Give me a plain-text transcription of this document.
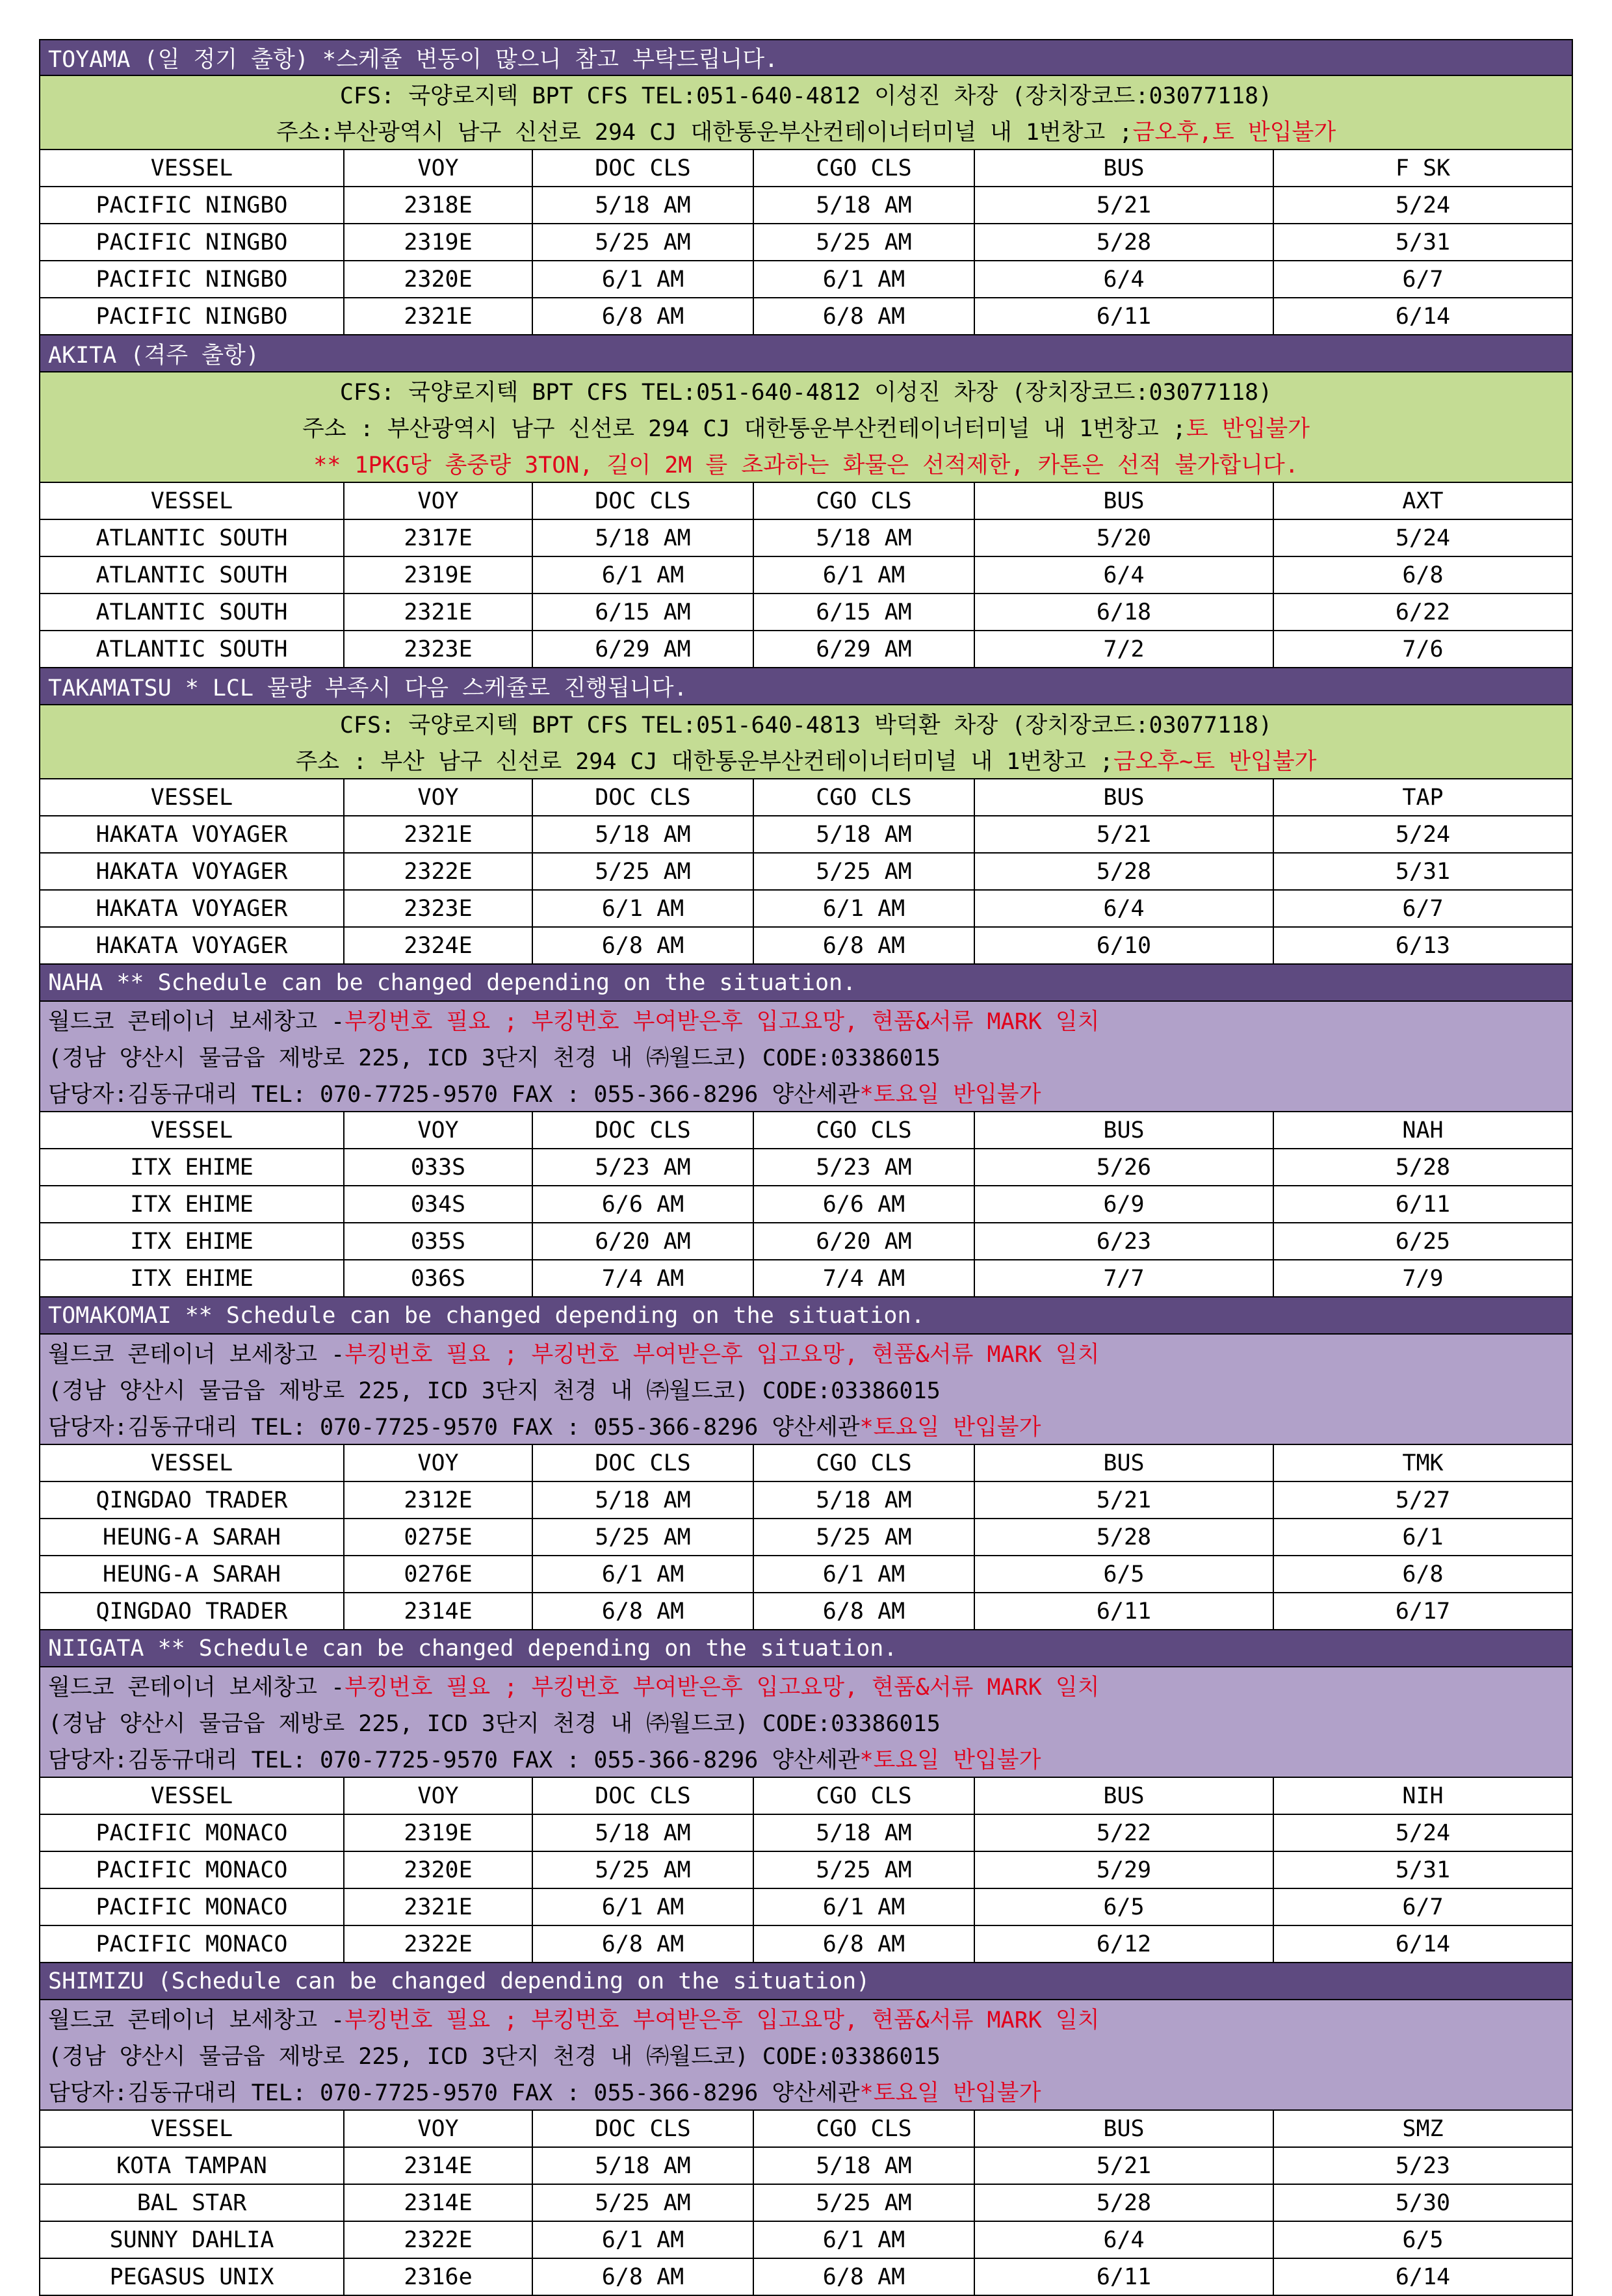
TOYAMA (일 정기 출항) *스케쥴 변동이 많으니 참고 부탁드립니다.
CFS: 국양로지텍 BPT CFS TEL:051-640-4812 이성진 차장 (장치장코드:03077118)
주소:부산광역시 남구 신선로 294 CJ 대한통운부산컨테이너터미널 내 1번창고 ; 금오후,토 반입불가
VESSEL	VOY	DOC CLS	CGO CLS	BUS	F SK
PACIFIC NINGBO	2318E	5/18 AM	5/18 AM	5/21	5/24
PACIFIC NINGBO	2319E	5/25 AM	5/25 AM	5/28	5/31
PACIFIC NINGBO	2320E	6/1 AM	6/1 AM	6/4	6/7
PACIFIC NINGBO	2321E	6/8 AM	6/8 AM	6/11	6/14
AKITA (격주 출항)
CFS: 국양로지텍 BPT CFS TEL:051-640-4812 이성진 차장 (장치장코드:03077118)
주소 : 부산광역시 남구 신선로 294 CJ 대한통운부산컨테이너터미널 내 1번창고 ; 토 반입불가
** 1PKG당 총중량 3TON, 길이 2M 를 초과하는 화물은 선적제한, 카톤은 선적 불가합니다.
VESSEL	VOY	DOC CLS	CGO CLS	BUS	AXT
ATLANTIC SOUTH	2317E	5/18 AM	5/18 AM	5/20	5/24
ATLANTIC SOUTH	2319E	6/1 AM	6/1 AM	6/4	6/8
ATLANTIC SOUTH	2321E	6/15 AM	6/15 AM	6/18	6/22
ATLANTIC SOUTH	2323E	6/29 AM	6/29 AM	7/2	7/6
TAKAMATSU * LCL 물량 부족시 다음 스케쥴로 진행됩니다.
CFS: 국양로지텍 BPT CFS TEL:051-640-4813 박덕환 차장 (장치장코드:03077118)
주소 : 부산 남구 신선로 294 CJ 대한통운부산컨테이너터미널 내 1번창고 ; 금오후~토 반입불가
VESSEL	VOY	DOC CLS	CGO CLS	BUS	TAP
HAKATA VOYAGER	2321E	5/18 AM	5/18 AM	5/21	5/24
HAKATA VOYAGER	2322E	5/25 AM	5/25 AM	5/28	5/31
HAKATA VOYAGER	2323E	6/1 AM	6/1 AM	6/4	6/7
HAKATA VOYAGER	2324E	6/8 AM	6/8 AM	6/10	6/13
NAHA ** Schedule can be changed depending on the situation.
월드코 콘테이너 보세창고 - 부킹번호 필요 ; 부킹번호 부여받은후 입고요망, 현품&서류 MARK 일치
(경남 양산시 물금읍 제방로 225, ICD 3단지 천경 내 ㈜월드코) CODE:03386015
담당자:김동규대리 TEL: 070-7725-9570 FAX : 055-366-8296 양산세관 *토요일 반입불가
VESSEL	VOY	DOC CLS	CGO CLS	BUS	NAH
ITX EHIME	033S	5/23 AM	5/23 AM	5/26	5/28
ITX EHIME	034S	6/6 AM	6/6 AM	6/9	6/11
ITX EHIME	035S	6/20 AM	6/20 AM	6/23	6/25
ITX EHIME	036S	7/4 AM	7/4 AM	7/7	7/9
TOMAKOMAI ** Schedule can be changed depending on the situation.
월드코 콘테이너 보세창고 - 부킹번호 필요 ; 부킹번호 부여받은후 입고요망, 현품&서류 MARK 일치
(경남 양산시 물금읍 제방로 225, ICD 3단지 천경 내 ㈜월드코) CODE:03386015
담당자:김동규대리 TEL: 070-7725-9570 FAX : 055-366-8296 양산세관 *토요일 반입불가
VESSEL	VOY	DOC CLS	CGO CLS	BUS	TMK
QINGDAO TRADER	2312E	5/18 AM	5/18 AM	5/21	5/27
HEUNG-A SARAH	0275E	5/25 AM	5/25 AM	5/28	6/1
HEUNG-A SARAH	0276E	6/1 AM	6/1 AM	6/5	6/8
QINGDAO TRADER	2314E	6/8 AM	6/8 AM	6/11	6/17
NIIGATA ** Schedule can be changed depending on the situation.
월드코 콘테이너 보세창고 - 부킹번호 필요 ; 부킹번호 부여받은후 입고요망, 현품&서류 MARK 일치
(경남 양산시 물금읍 제방로 225, ICD 3단지 천경 내 ㈜월드코) CODE:03386015
담당자:김동규대리 TEL: 070-7725-9570 FAX : 055-366-8296 양산세관 *토요일 반입불가
VESSEL	VOY	DOC CLS	CGO CLS	BUS	NIH
PACIFIC MONACO	2319E	5/18 AM	5/18 AM	5/22	5/24
PACIFIC MONACO	2320E	5/25 AM	5/25 AM	5/29	5/31
PACIFIC MONACO	2321E	6/1 AM	6/1 AM	6/5	6/7
PACIFIC MONACO	2322E	6/8 AM	6/8 AM	6/12	6/14
SHIMIZU (Schedule can be changed depending on the situation)
월드코 콘테이너 보세창고 - 부킹번호 필요 ; 부킹번호 부여받은후 입고요망, 현품&서류 MARK 일치
(경남 양산시 물금읍 제방로 225, ICD 3단지 천경 내 ㈜월드코) CODE:03386015
담당자:김동규대리 TEL: 070-7725-9570 FAX : 055-366-8296 양산세관 *토요일 반입불가
VESSEL	VOY	DOC CLS	CGO CLS	BUS	SMZ
KOTA TAMPAN	2314E	5/18 AM	5/18 AM	5/21	5/23
BAL STAR	2314E	5/25 AM	5/25 AM	5/28	5/30
SUNNY DAHLIA	2322E	6/1 AM	6/1 AM	6/4	6/5
PEGASUS UNIX	2316e	6/8 AM	6/8 AM	6/11	6/14
